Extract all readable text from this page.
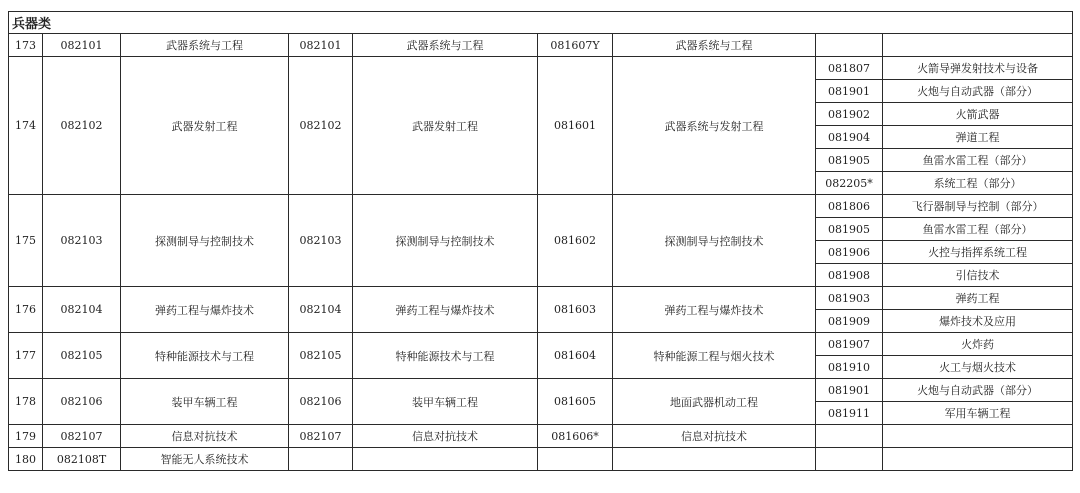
兵器类								
173	082101	武器系统与工程	082101	武器系统与工程	081607Y	武器系统与工程		
174	082102	武器发射工程	082102	武器发射工程	081601	武器系统与发射工程	081807	火箭导弹发射技术与设备
							081901	火炮与自动武器（部分）
							081902	火箭武器
							081904	弹道工程
							081905	鱼雷水雷工程（部分）
							082205*	系统工程（部分）
175	082103	探测制导与控制技术	082103	探测制导与控制技术	081602	探测制导与控制技术	081806	飞行器制导与控制（部分）
							081905	鱼雷水雷工程（部分）
							081906	火控与指挥系统工程
							081908	引信技术
176	082104	弹药工程与爆炸技术	082104	弹药工程与爆炸技术	081603	弹药工程与爆炸技术	081903	弹药工程
							081909	爆炸技术及应用
177	082105	特种能源技术与工程	082105	特种能源技术与工程	081604	特种能源工程与烟火技术	081907	火炸药
							081910	火工与烟火技术
178	082106	装甲车辆工程	082106	装甲车辆工程	081605	地面武器机动工程	081901	火炮与自动武器（部分）
							081911	军用车辆工程
179	082107	信息对抗技术	082107	信息对抗技术	081606*	信息对抗技术		
180	082108T	智能无人系统技术						
